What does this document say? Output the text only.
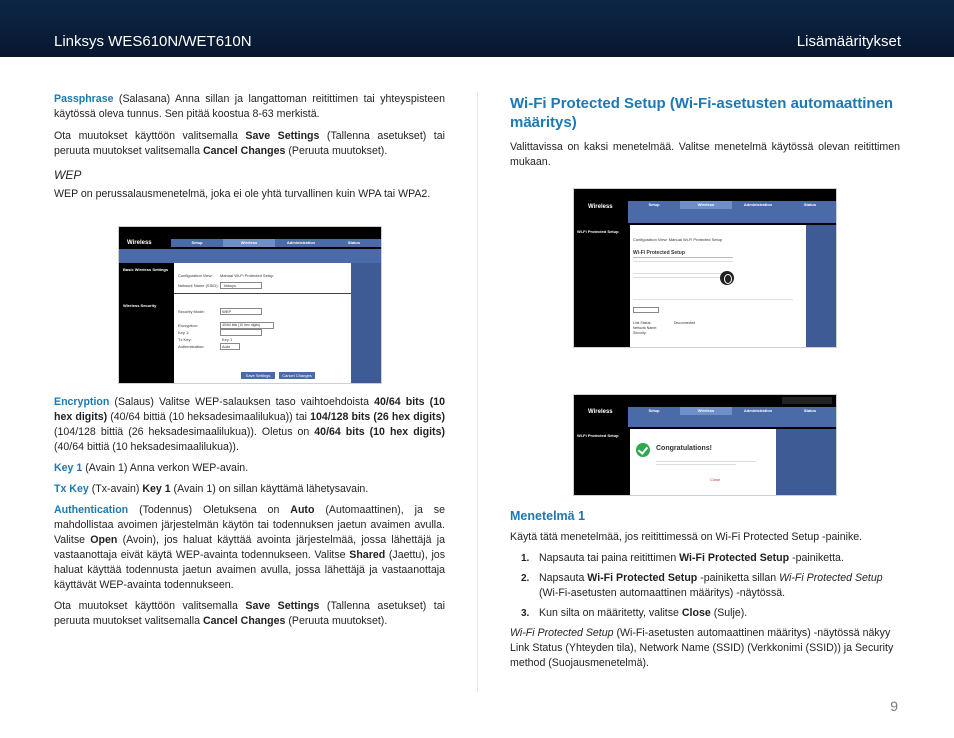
Linksys WES610N/WET610N	Lisämääritykset

Passphrase (Salasana) Anna sillan ja langattoman reitittimen tai yhteyspisteen käytössä oleva tunnus. Sen pitää koostua 8-63 merkistä.

Ota muutokset käyttöön valitsemalla Save Settings (Tallenna asetukset) tai peruuta muutokset valitsemalla Cancel Changes (Peruuta muutokset).

WEP

WEP on perussalausmenetelmä, joka ei ole yhtä turvallinen kuin WPA tai WPA2.

Encryption (Salaus) Valitse WEP-salauksen taso vaihtoehdoista 40/64 bits (10 hex digits) (40/64 bittiä (10 heksadesimaalilukua)) tai 104/128 bits (26 hex digits) (104/128 bittiä (26 heksadesimaalilukua)). Oletus on 40/64 bits (10 hex digits) (40/64 bittiä (10 heksadesimaalilukua)).

Key 1 (Avain 1) Anna verkon WEP-avain.

Tx Key (Tx-avain) Key 1 (Avain 1) on sillan käyttämä lähetysavain.

Authentication (Todennus) Oletuksena on Auto (Automaattinen), ja se mahdollistaa avoimen järjestelmän käytön tai todennuksen jaetun avaimen avulla. Valitse Open (Avoin), jos haluat käyttää avointa järjestelmää, jossa lähettäjä ja vastaanottaja eivät käytä WEP-avainta todennukseen. Valitse Shared (Jaettu), jos haluat käyttää todennusta jaetun avaimen avulla, jossa lähettäjä ja vastaanottaja käyttävät WEP-avainta todennukseen.

Ota muutokset käyttöön valitsemalla Save Settings (Tallenna asetukset) tai peruuta muutokset valitsemalla Cancel Changes (Peruuta muutokset).

Wireless	Setup	Wireless	Administration	Status
Basic Wireless Settings
Wireless Security
Configuration View: Manual Wi-Fi Protected Setup
Network Name (SSID): linksys
Security Mode:	WEP
Encryption:	40/64 bits (10 hex digits)
Key 1:
Tx Key:	Key 1
Authentication:	Auto
Save Settings	Cancel Changes
Wi-Fi Protected Setup (Wi-Fi-asetusten automaattinen määritys)

Valittavissa on kaksi menetelmää. Valitse menetelmä käytössä olevan reitittimen mukaan.

Menetelmä 1

Käytä tätä menetelmää, jos reitittimessä on Wi-Fi Protected Setup -painike.

1. Napsauta tai paina reitittimen Wi-Fi Protected Setup -painiketta.
2. Napsauta Wi-Fi Protected Setup -painiketta sillan Wi-Fi Protected Setup (Wi-Fi-asetusten automaattinen määritys) -näytössä.
3. Kun silta on määritetty, valitse Close (Sulje).

Wi-Fi Protected Setup (Wi-Fi-asetusten automaattinen määritys) -näytössä näkyy Link Status (Yhteyden tila), Network Name (SSID) (Verkkonimi (SSID)) ja Security method (Suojausmenetelmä).

Wireless	Setup	Wireless	Administration	Status
Wi-Fi Protected Setup
Configuration View: Manual Wi-Fi Protected Setup
Wi-Fi Protected Setup
Link Status:
Network Name:
Security:
Disconnected
Wireless	Setup	Wireless	Administration	Status
Wi-Fi Protected Setup
Congratulations!
Close
9
